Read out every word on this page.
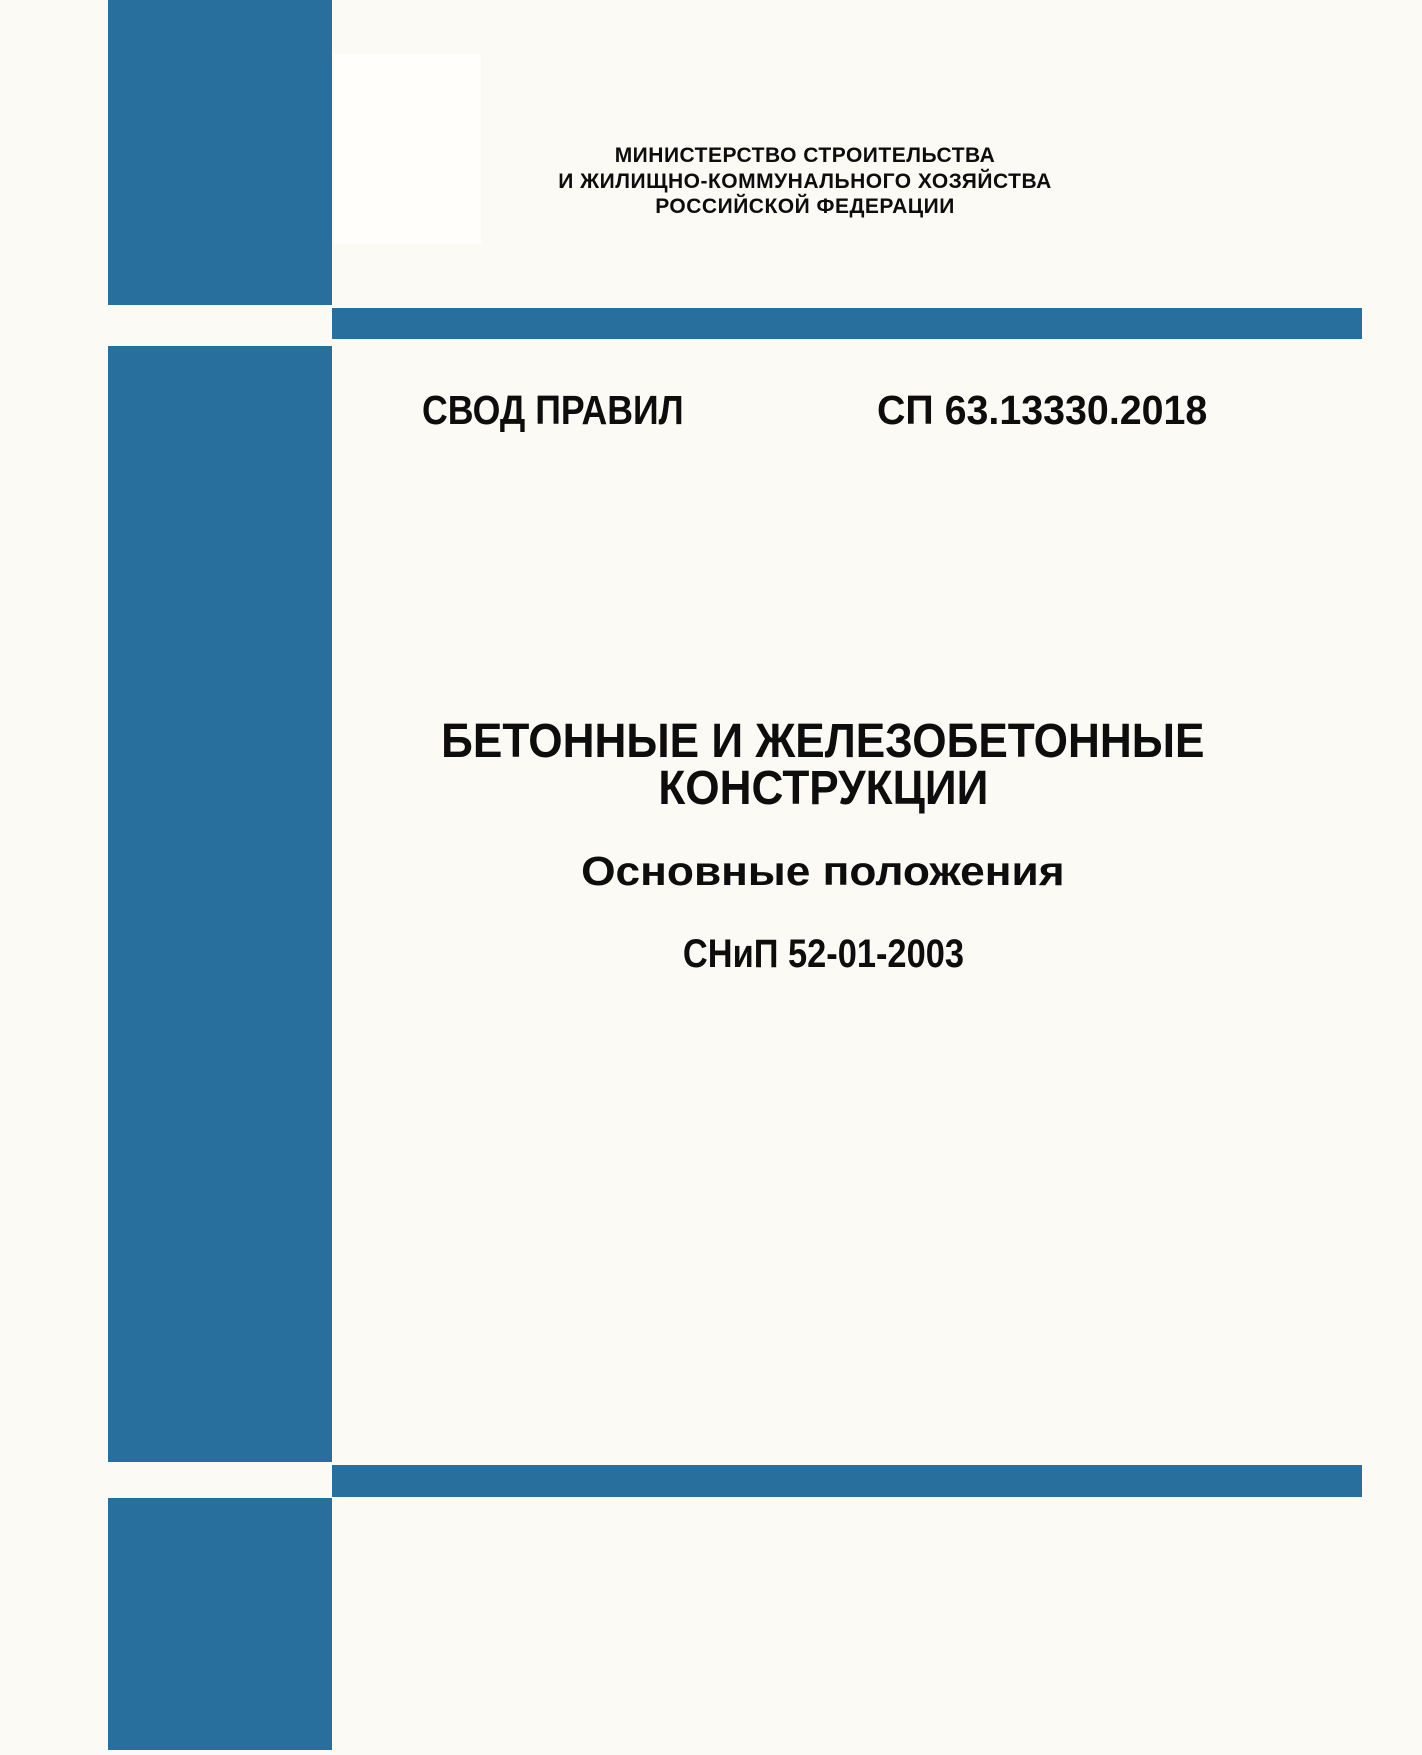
МИНИСТЕРСТВО СТРОИТЕЛЬСТВА
И ЖИЛИЩНО-КОММУНАЛЬНОГО ХОЗЯЙСТВА
РОССИЙСКОЙ ФЕДЕРАЦИИ
СВОД ПРАВИЛ	СП 63.13330.2018
БЕТОННЫЕ И ЖЕЛЕЗОБЕТОННЫЕ
КОНСТРУКЦИИ
Основные положения
СНиП 52-01-2003
